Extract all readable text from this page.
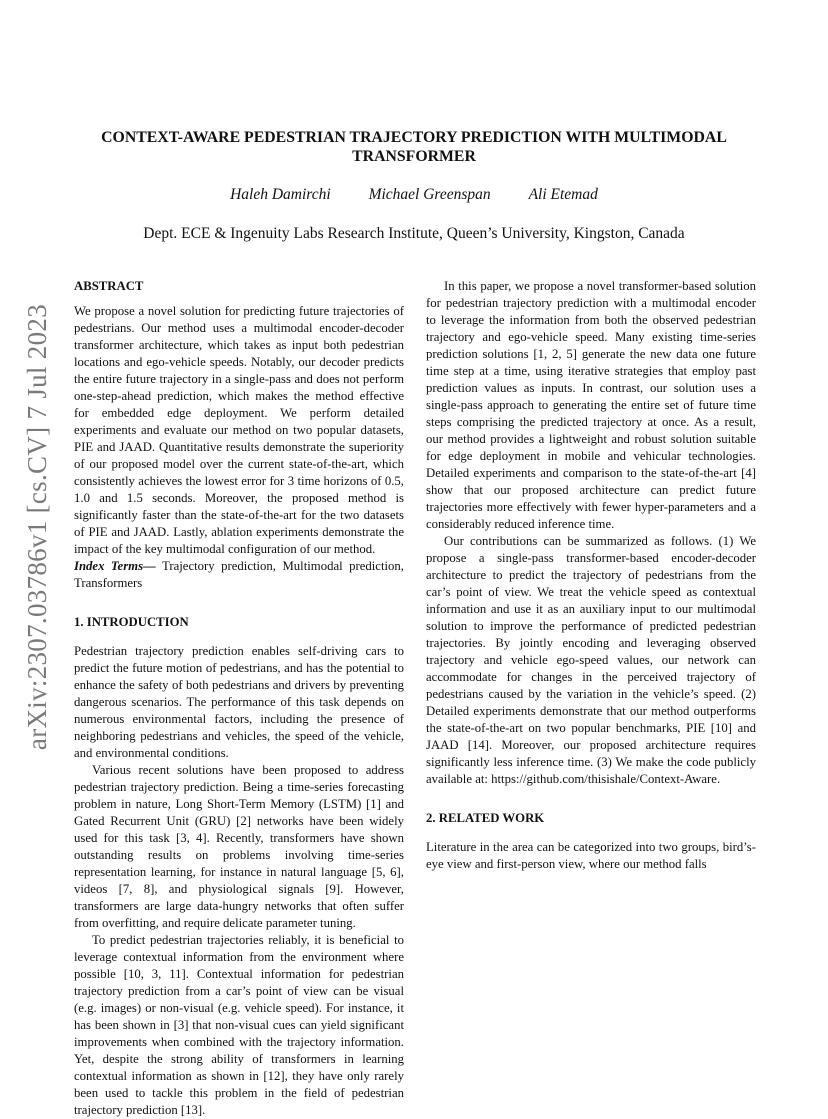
arXiv:2307.03786v1 [cs.CV] 7 Jul 2023
CONTEXT-AWARE PEDESTRIAN TRAJECTORY PREDICTION WITH MULTIMODAL TRANSFORMER
Haleh Damirchi Michael Greenspan Ali Etemad
Dept. ECE & Ingenuity Labs Research Institute, Queen’s University, Kingston, Canada

ABSTRACT

We propose a novel solution for predicting future trajectories of pedestrians. Our method uses a multimodal encoder-decoder transformer architecture, which takes as input both pedestrian locations and ego-vehicle speeds. Notably, our decoder predicts the entire future trajectory in a single-pass and does not perform one-step-ahead prediction, which makes the method effective for embedded edge deployment. We perform detailed experiments and evaluate our method on two popular datasets, PIE and JAAD. Quantitative results demonstrate the superiority of our proposed model over the current state-of-the-art, which consistently achieves the lowest error for 3 time horizons of 0.5, 1.0 and 1.5 seconds. Moreover, the proposed method is significantly faster than the state-of-the-art for the two datasets of PIE and JAAD. Lastly, ablation experiments demonstrate the impact of the key multimodal configuration of our method.

Index Terms— Trajectory prediction, Multimodal prediction, Transformers

1. INTRODUCTION

Pedestrian trajectory prediction enables self-driving cars to predict the future motion of pedestrians, and has the potential to enhance the safety of both pedestrians and drivers by preventing dangerous scenarios. The performance of this task depends on numerous environmental factors, including the presence of neighboring pedestrians and vehicles, the speed of the vehicle, and environmental conditions.

Various recent solutions have been proposed to address pedestrian trajectory prediction. Being a time-series forecasting problem in nature, Long Short-Term Memory (LSTM) [1] and Gated Recurrent Unit (GRU) [2] networks have been widely used for this task [3, 4]. Recently, transformers have shown outstanding results on problems involving time-series representation learning, for instance in natural language [5, 6], videos [7, 8], and physiological signals [9]. However, transformers are large data-hungry networks that often suffer from overfitting, and require delicate parameter tuning.

To predict pedestrian trajectories reliably, it is beneficial to leverage contextual information from the environment where possible [10, 3, 11]. Contextual information for pedestrian trajectory prediction from a car’s point of view can be visual (e.g. images) or non-visual (e.g. vehicle speed). For instance, it has been shown in [3] that non-visual cues can yield significant improvements when combined with the trajectory information. Yet, despite the strong ability of transformers in learning contextual information as shown in [12], they have only rarely been used to tackle this problem in the field of pedestrian trajectory prediction [13].

In this paper, we propose a novel transformer-based solution for pedestrian trajectory prediction with a multimodal encoder to leverage the information from both the observed pedestrian trajectory and ego-vehicle speed. Many existing time-series prediction solutions [1, 2, 5] generate the new data one future time step at a time, using iterative strategies that employ past prediction values as inputs. In contrast, our solution uses a single-pass approach to generating the entire set of future time steps comprising the predicted trajectory at once. As a result, our method provides a lightweight and robust solution suitable for edge deployment in mobile and vehicular technologies. Detailed experiments and comparison to the state-of-the-art [4] show that our proposed architecture can predict future trajectories more effectively with fewer hyper-parameters and a considerably reduced inference time.

Our contributions can be summarized as follows. (1) We propose a single-pass transformer-based encoder-decoder architecture to predict the trajectory of pedestrians from the car’s point of view. We treat the vehicle speed as contextual information and use it as an auxiliary input to our multimodal solution to improve the performance of predicted pedestrian trajectories. By jointly encoding and leveraging observed trajectory and vehicle ego-speed values, our network can accommodate for changes in the perceived trajectory of pedestrians caused by the variation in the vehicle’s speed. (2) Detailed experiments demonstrate that our method outperforms the state-of-the-art on two popular benchmarks, PIE [10] and JAAD [14]. Moreover, our proposed architecture requires significantly less inference time. (3) We make the code publicly available at: https://github.com/thisishale/Context-Aware.

2. RELATED WORK

Literature in the area can be categorized into two groups, bird’s-eye view and first-person view, where our method falls
